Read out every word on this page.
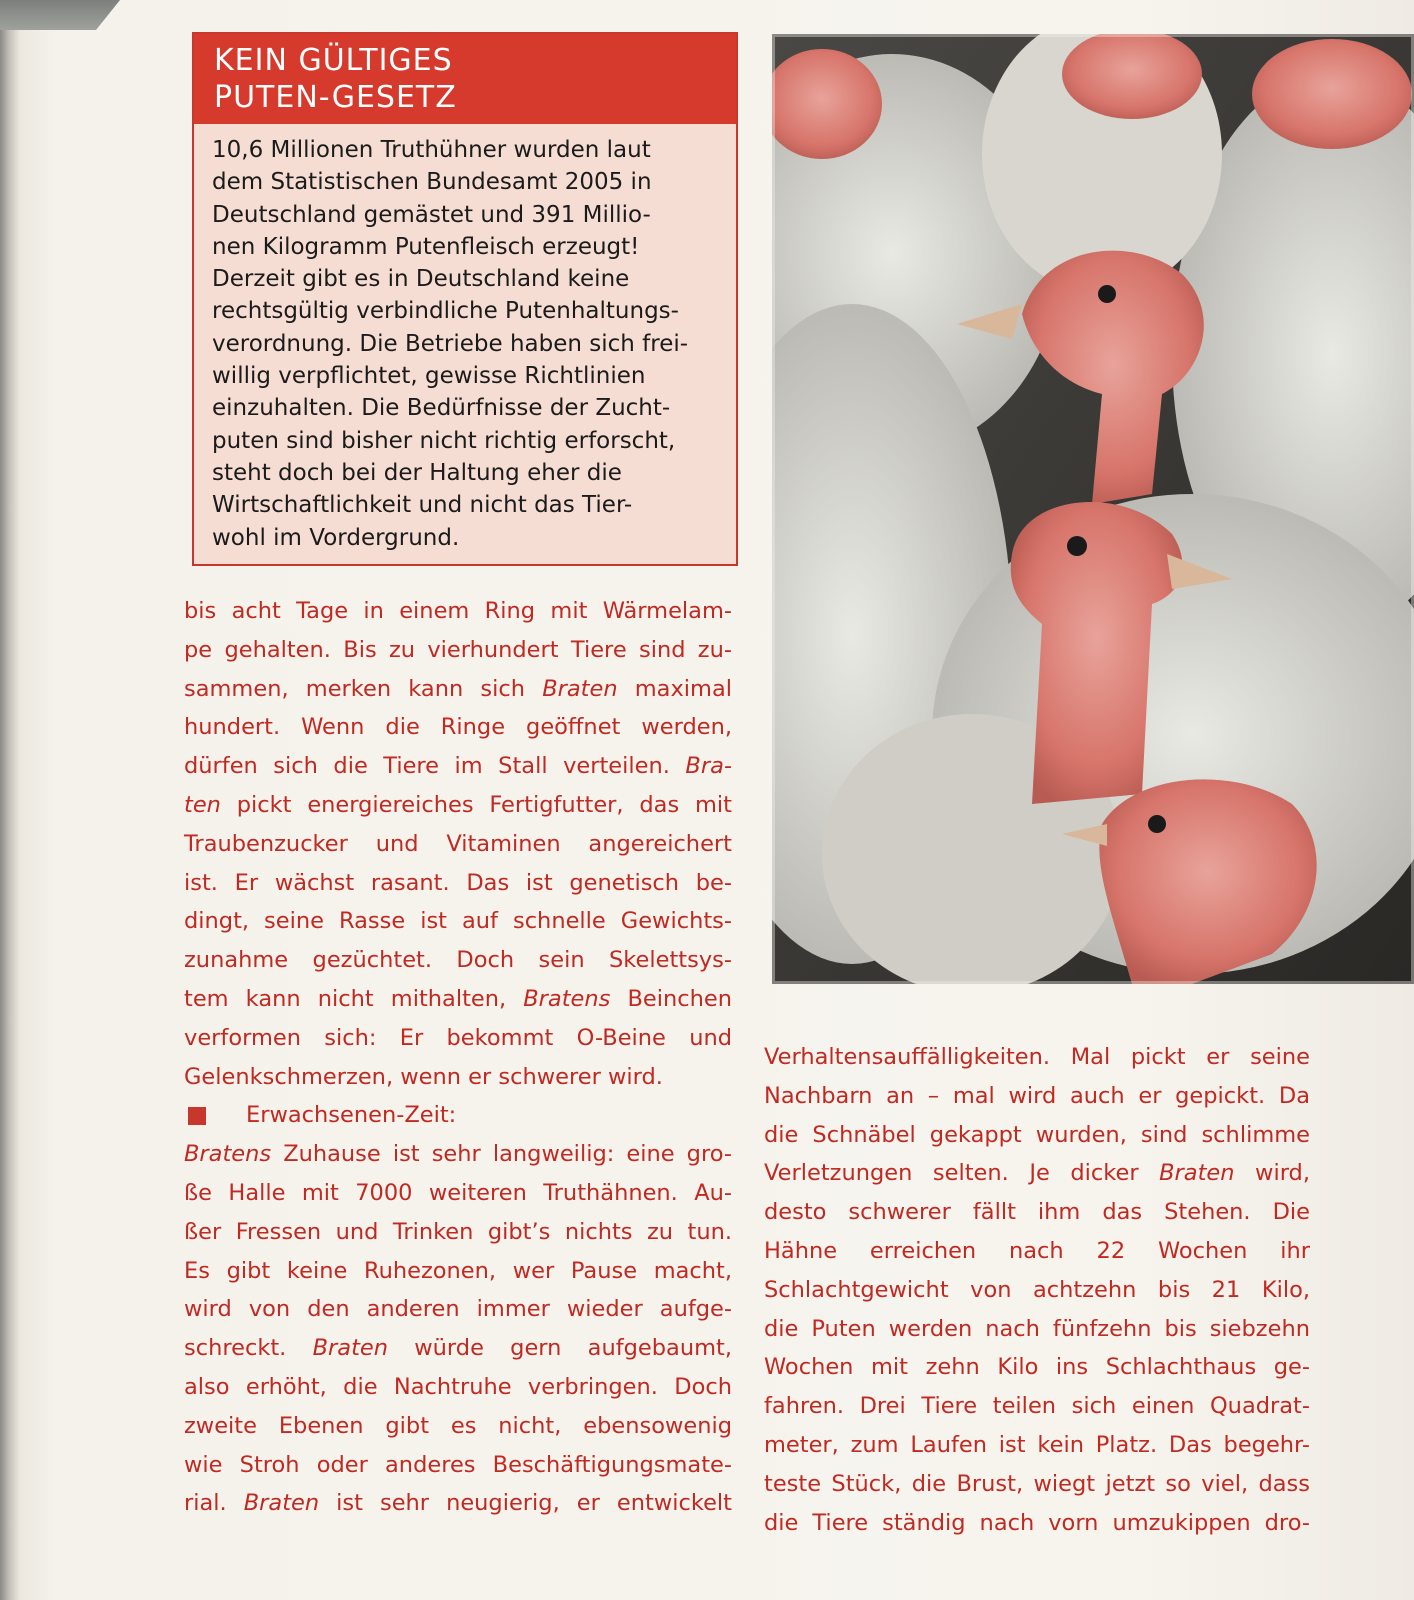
KEIN GÜLTIGES
PUTEN-GESETZ
10,6 Millionen Truthühner wurden laut
dem Statistischen Bundesamt 2005 in
Deutschland gemästet und 391 Millio-
nen Kilogramm Putenfleisch erzeugt!
Derzeit gibt es in Deutschland keine
rechtsgültig verbindliche Putenhaltungs-
verordnung. Die Betriebe haben sich frei-
willig verpflichtet, gewisse Richtlinien
einzuhalten. Die Bedürfnisse der Zucht-
puten sind bisher nicht richtig erforscht,
steht doch bei der Haltung eher die
Wirtschaftlichkeit und nicht das Tier-
wohl im Vordergrund.
bis acht Tage in einem Ring mit Wärmelam-
pe gehalten. Bis zu vierhundert Tiere sind zu-
sammen, merken kann sich Braten maximal
hundert. Wenn die Ringe geöffnet werden,
dürfen sich die Tiere im Stall verteilen. Bra-
ten pickt energiereiches Fertigfutter, das mit
Traubenzucker und Vitaminen angereichert
ist. Er wächst rasant. Das ist genetisch be-
dingt, seine Rasse ist auf schnelle Gewichts-
zunahme gezüchtet. Doch sein Skelettsys-
tem kann nicht mithalten, Bratens Beinchen
verformen sich: Er bekommt O-Beine und
Gelenkschmerzen, wenn er schwerer wird.
Erwachsenen-Zeit:
Bratens Zuhause ist sehr langweilig: eine gro-
ße Halle mit 7000 weiteren Truthähnen. Au-
ßer Fressen und Trinken gibt’s nichts zu tun.
Es gibt keine Ruhezonen, wer Pause macht,
wird von den anderen immer wieder aufge-
schreckt. Braten würde gern aufgebaumt,
also erhöht, die Nachtruhe verbringen. Doch
zweite Ebenen gibt es nicht, ebensowenig
wie Stroh oder anderes Beschäftigungsmate-
rial. Braten ist sehr neugierig, er entwickelt
Verhaltensauffälligkeiten. Mal pickt er seine
Nachbarn an – mal wird auch er gepickt. Da
die Schnäbel gekappt wurden, sind schlimme
Verletzungen selten. Je dicker Braten wird,
desto schwerer fällt ihm das Stehen. Die
Hähne erreichen nach 22 Wochen ihr
Schlachtgewicht von achtzehn bis 21 Kilo,
die Puten werden nach fünfzehn bis siebzehn
Wochen mit zehn Kilo ins Schlachthaus ge-
fahren. Drei Tiere teilen sich einen Quadrat-
meter, zum Laufen ist kein Platz. Das begehr-
teste Stück, die Brust, wiegt jetzt so viel, dass
die Tiere ständig nach vorn umzukippen dro-
